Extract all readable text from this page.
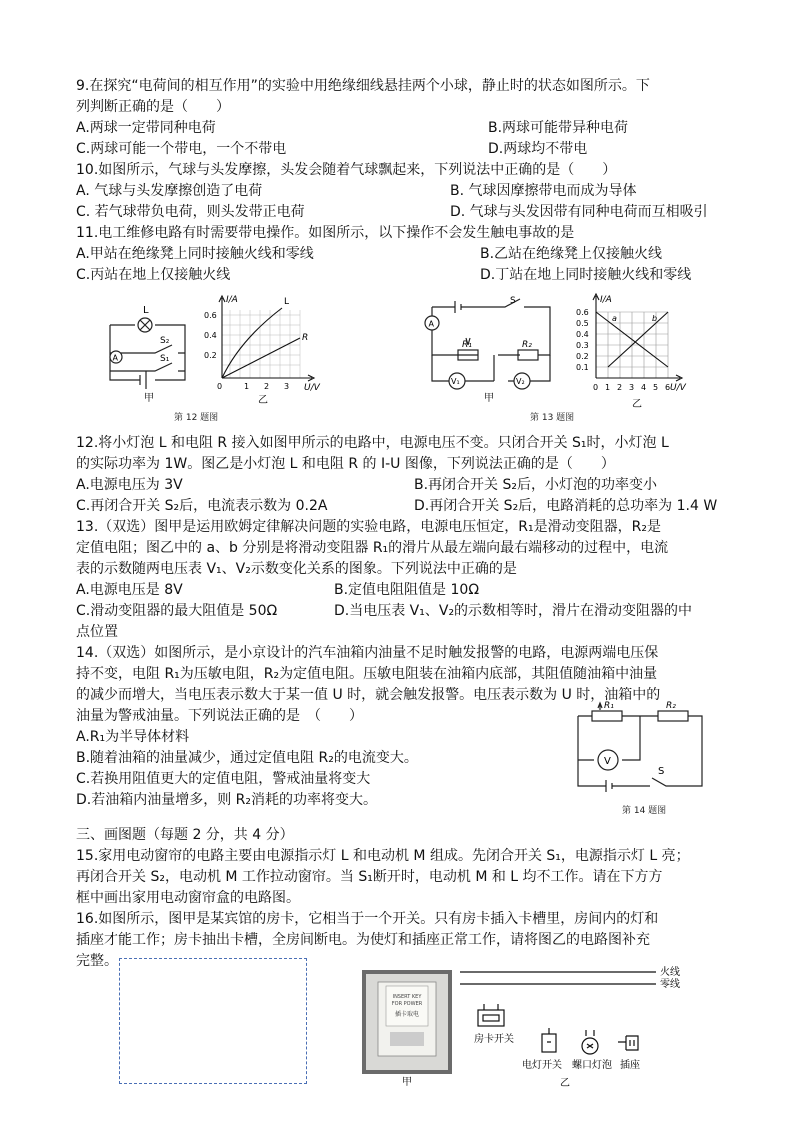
9.在探究“电荷间的相互作用”的实验中用绝缘细线悬挂两个小球，静止时的状态如图所示。下
列判断正确的是（　　）
A.两球一定带同种电荷	B.两球可能带异种电荷
C.两球可能一个带电，一个不带电	D.两球均不带电
10.如图所示，气球与头发摩擦，头发会随着气球飘起来，下列说法中正确的是（　　）
A. 气球与头发摩擦创造了电荷	B. 气球因摩擦带电而成为导体
C. 若气球带负电荷，则头发带正电荷	D. 气球与头发因带有同种电荷而互相吸引
11.电工维修电路有时需要带电操作。如图所示，以下操作不会发生触电事故的是
A.甲站在绝缘凳上同时接触火线和零线	B.乙站在绝缘凳上仅接触火线
C.丙站在地上仅接触火线	D.丁站在地上同时接触火线和零线
L
S₂
S₁
A
甲
I/A
U/V
L
R
0.6
0.4
0.2
0	1 2 3
乙
第 12 题图
S
A
R₁	R₂
V₁	V₂
甲
I/A
U/V
a	b
0.6
0.5
0.4
0.3
0.2
0.1
0 1 2 3 4 5 6
乙
第 13 题图
12.将小灯泡 L 和电阻 R 接入如图甲所示的电路中，电源电压不变。只闭合开关 S₁时，小灯泡 L
的实际功率为 1W。图乙是小灯泡 L 和电阻 R 的 I-U 图像，下列说法正确的是（　　）
A.电源电压为 3V	B.再闭合开关 S₂后，小灯泡的功率变小
C.再闭合开关 S₂后，电流表示数为 0.2A	D.再闭合开关 S₂后，电路消耗的总功率为 1.4 W
13.（双选）图甲是运用欧姆定律解决问题的实验电路，电源电压恒定，R₁是滑动变阻器，R₂是
定值电阻；图乙中的 a、b 分别是将滑动变阻器 R₁的滑片从最左端向最右端移动的过程中，电流
表的示数随两电压表 V₁、V₂示数变化关系的图象。下列说法中正确的是
A.电源电压是 8V	B.定值电阻阻值是 10Ω
C.滑动变阻器的最大阻值是 50Ω	D.当电压表 V₁、V₂的示数相等时，滑片在滑动变阻器的中
点位置
14.（双选）如图所示，是小京设计的汽车油箱内油量不足时触发报警的电路，电源两端电压保
持不变，电阻 R₁为压敏电阻，R₂为定值电阻。压敏电阻装在油箱内底部，其阻值随油箱中油量
的减少而增大，当电压表示数大于某一值 U 时，就会触发报警。电压表示数为 U 时，油箱中的
油量为警戒油量。下列说法正确的是　（　　）
A.R₁为半导体材料
B.随着油箱的油量减少，通过定值电阻 R₂的电流变大。
C.若换用阻值更大的定值电阻，警戒油量将变大
D.若油箱内油量增多，则 R₂消耗的功率将变大。
R₁	R₂
V
S
第 14 题图
三、画图题（每题 2 分，共 4 分）
15.家用电动窗帘的电路主要由电源指示灯 L 和电动机 M 组成。先闭合开关 S₁，电源指示灯 L 亮；
再闭合开关 S₂，电动机 M 工作拉动窗帘。当 S₁断开时，电动机 M 和 L 均不工作。请在下方方
框中画出家用电动窗帘盒的电路图。
16.如图所示，图甲是某宾馆的房卡，它相当于一个开关。只有房卡插入卡槽里，房间内的灯和
插座才能工作；房卡抽出卡槽，全房间断电。为使灯和插座正常工作，请将图乙的电路图补充
完整。
INSERT KEY
FOR POWER
插卡取电
甲
火线
零线
房卡开关
电灯开关 螺口灯泡 插座
乙
